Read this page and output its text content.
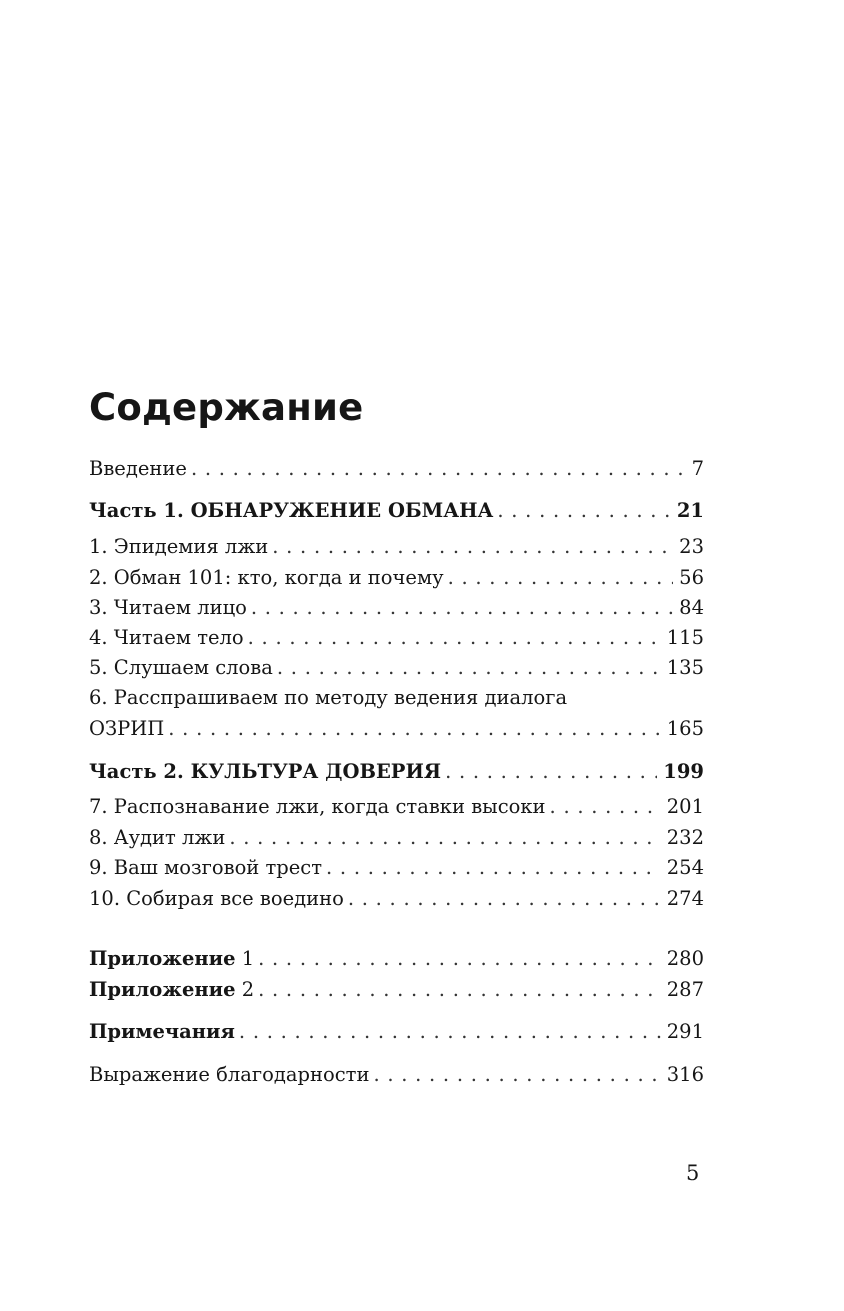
Содержание
Введение . . .	7
Часть 1. ОБНАРУЖЕНИЕ ОБМАНА . . .	21
1. Эпидемия лжи . . .	23
2. Обман 101: кто, когда и почему . . .	56
3. Читаем лицо . . .	84
4. Читаем тело . . .	115
5. Слушаем слова . . .	135
6. Расспрашиваем по методу ведения диалога
ОЗРИП . . .	165
Часть 2. КУЛЬТУРА ДОВЕРИЯ . . .	199
7. Распознавание лжи, когда ставки высоки . . .	201
8. Аудит лжи . . .	232
9. Ваш мозговой трест . . .	254
10. Собирая все воедино . . .	274
Приложение 1 . . .	280
Приложение 2 . . .	287
Примечания . . .	291
Выражение благодарности . . .	316
5
